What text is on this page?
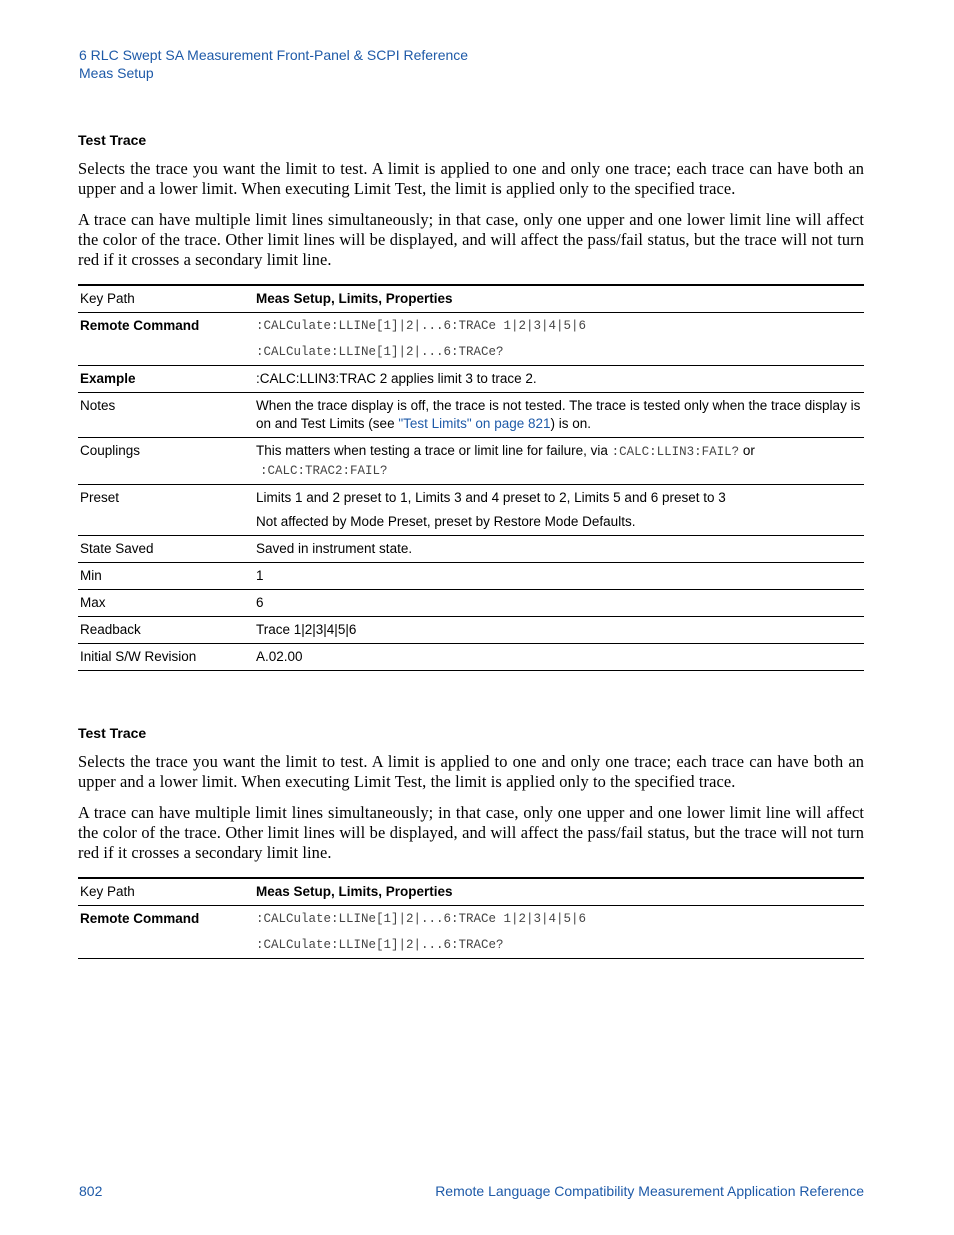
6 RLC Swept SA Measurement Front-Panel & SCPI Reference
Meas Setup
Test Trace

Selects the trace you want the limit to test. A limit is applied to one and only one trace; each trace can have both an upper and a lower limit. When executing Limit Test, the limit is applied only to the specified trace.

A trace can have multiple limit lines simultaneously; in that case, only one upper and one lower limit line will affect the color of the trace. Other limit lines will be displayed, and will affect the pass/fail status, but the trace will not turn red if it crosses a secondary limit line.

Key Path	Meas Setup, Limits, Properties
Remote Command	:CALCulate:LLINe[1]|2|...6:TRACe 1|2|3|4|5|6
:CALCulate:LLINe[1]|2|...6:TRACe?

Example	:CALC:LLIN3:TRAC 2 applies limit 3 to trace 2.
Notes	When the trace display is off, the trace is not tested. The trace is tested only when the trace display is on and Test Limits (see "Test Limits" on page 821) is on.
Couplings	This matters when testing a trace or limit line for failure, via :CALC:LLIN3:FAIL? or
:CALC:TRAC2:FAIL?
Preset	Limits 1 and 2 preset to 1, Limits 3 and 4 preset to 2, Limits 5 and 6 preset to 3
Not affected by Mode Preset, preset by Restore Mode Defaults.

State Saved	Saved in instrument state.
Min	1
Max	6
Readback	Trace 1|2|3|4|5|6
Initial S/W Revision	A.02.00
Test Trace

Selects the trace you want the limit to test. A limit is applied to one and only one trace; each trace can have both an upper and a lower limit. When executing Limit Test, the limit is applied only to the specified trace.

A trace can have multiple limit lines simultaneously; in that case, only one upper and one lower limit line will affect the color of the trace. Other limit lines will be displayed, and will affect the pass/fail status, but the trace will not turn red if it crosses a secondary limit line.

Key Path	Meas Setup, Limits, Properties
Remote Command	:CALCulate:LLINe[1]|2|...6:TRACe 1|2|3|4|5|6
:CALCulate:LLINe[1]|2|...6:TRACe?
802	Remote Language Compatibility Measurement Application Reference
